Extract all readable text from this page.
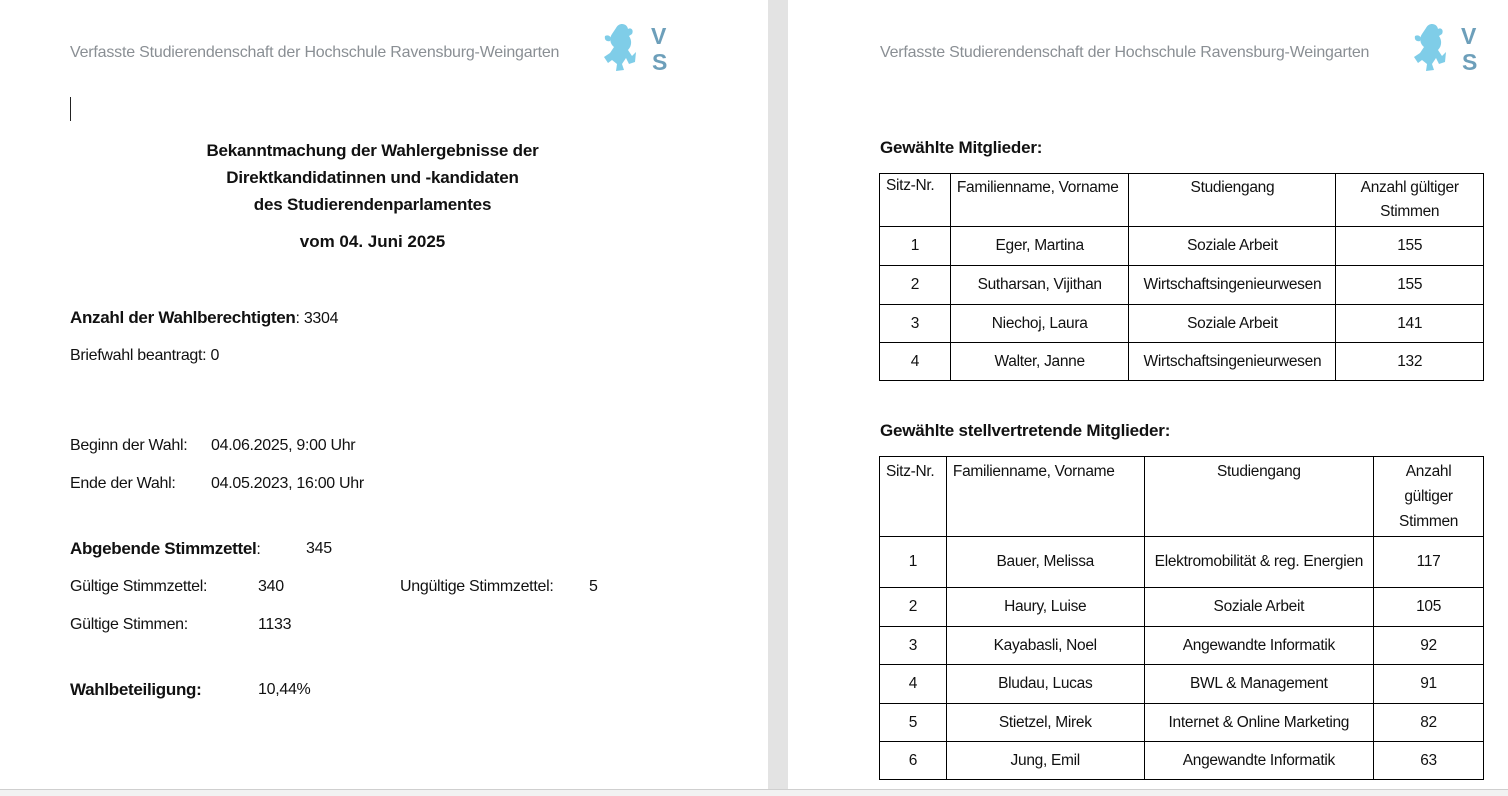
Verfasste Studierendenschaft der Hochschule Ravensburg-Weingarten
V
S
Bekanntmachung der Wahlergebnisse der
Direktkandidatinnen und -kandidaten
des Studierendenparlamentes
vom 04. Juni 2025
Anzahl der Wahlberechtigten: 3304
Briefwahl beantragt: 0
Beginn der Wahl: 04.06.2025, 9:00 Uhr
Ende der Wahl: 04.05.2023, 16:00 Uhr
Abgebende Stimmzettel:	345
Gültige Stimmzettel:	340	Ungültige Stimmzettel: 5
Gültige Stimmen:	1133
Wahlbeteiligung:	10,44%
Verfasste Studierendenschaft der Hochschule Ravensburg-Weingarten
V
S
Gewählte Mitglieder:
Sitz-Nr.	Familienname, Vorname	Studiengang	Anzahl gültiger Stimmen
1	Eger, Martina	Soziale Arbeit	155
2	Sutharsan, Vijithan	Wirtschaftsingenieurwesen	155
3	Niechoj, Laura	Soziale Arbeit	141
4	Walter, Janne	Wirtschaftsingenieurwesen	132
Gewählte stellvertretende Mitglieder:
Sitz-Nr.	Familienname, Vorname	Studiengang	Anzahl gültiger Stimmen
1	Bauer, Melissa	Elektromobilität & reg. Energien	117
2	Haury, Luise	Soziale Arbeit	105
3	Kayabasli, Noel	Angewandte Informatik	92
4	Bludau, Lucas	BWL & Management	91
5	Stietzel, Mirek	Internet & Online Marketing	82
6	Jung, Emil	Angewandte Informatik	63
